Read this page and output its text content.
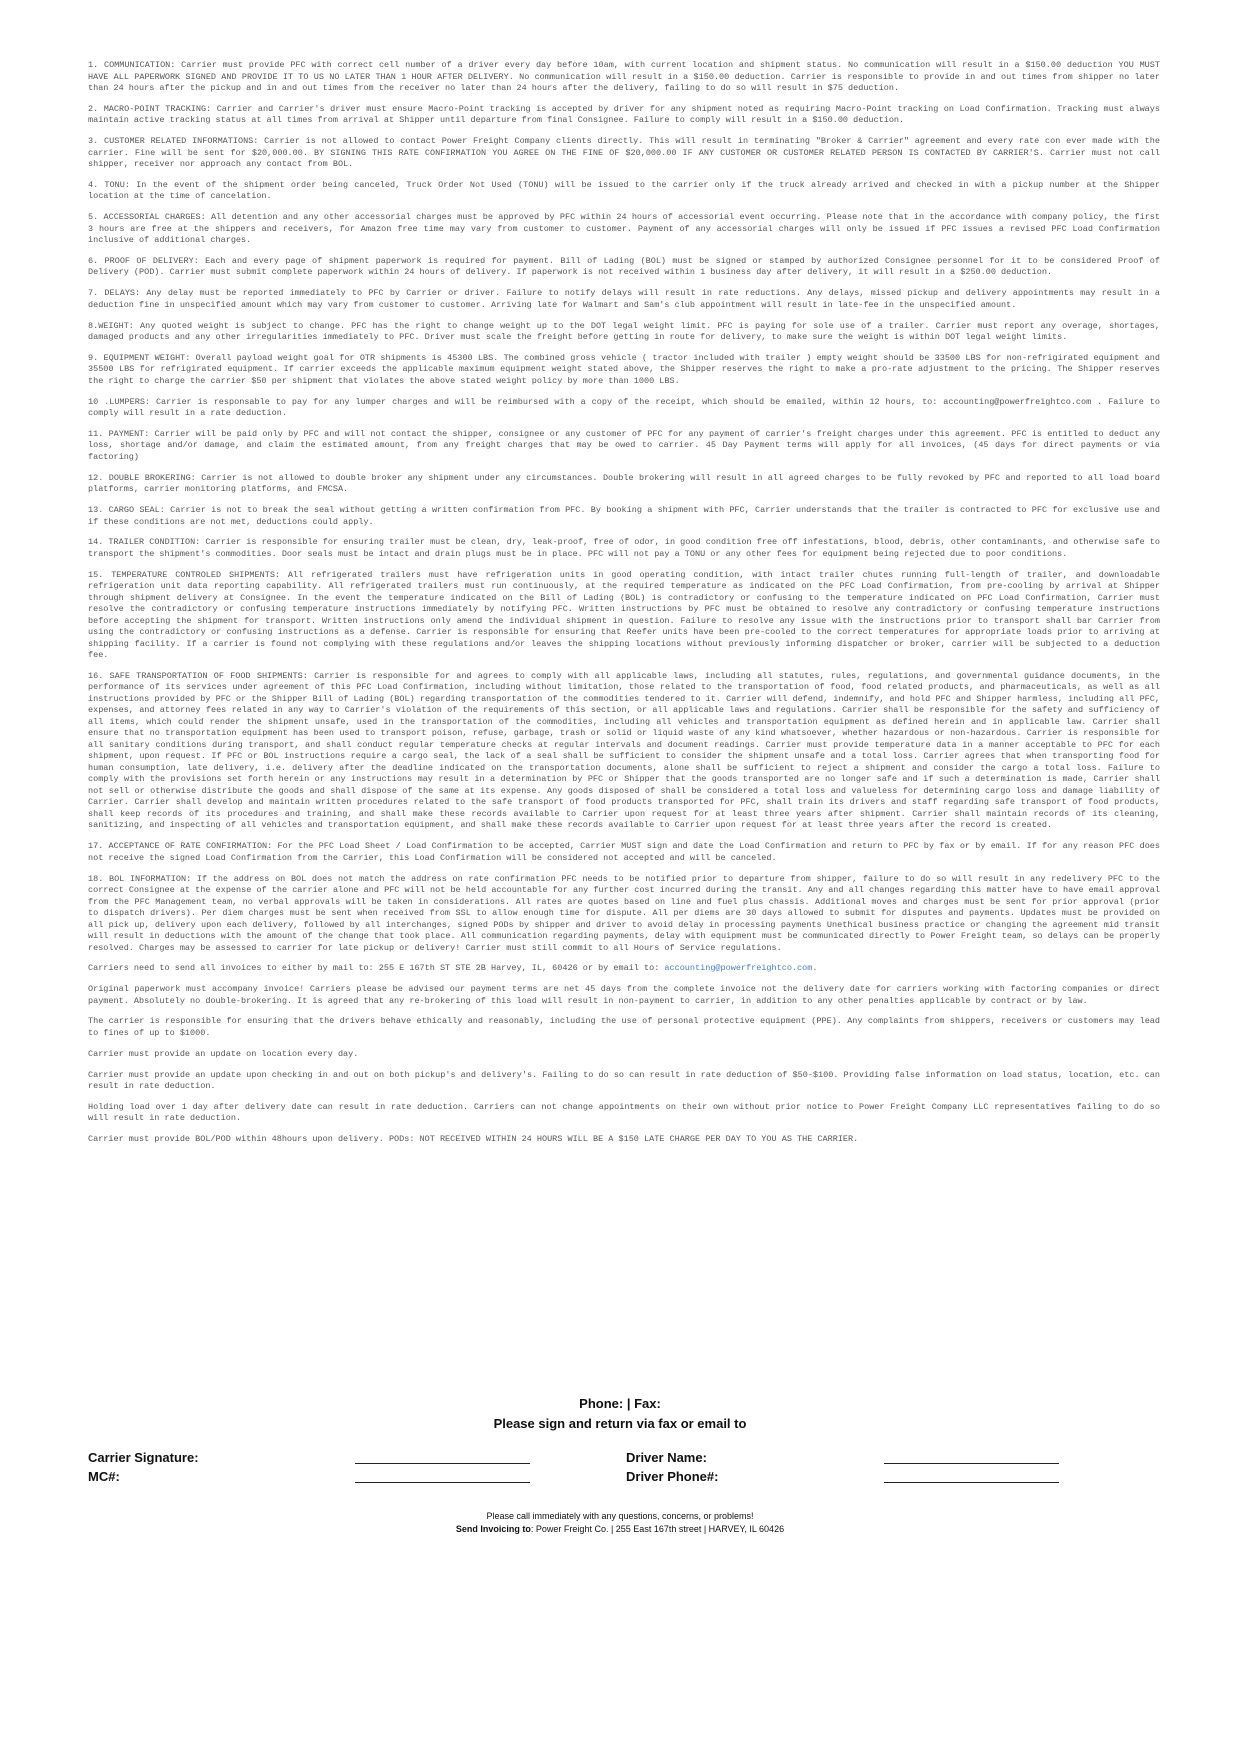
1. COMMUNICATION: Carrier must provide PFC with correct cell number of a driver every day before 10am, with current location and shipment status. No communication will result in a $150.00 deduction YOU MUST HAVE ALL PAPERWORK SIGNED AND PROVIDE IT TO US NO LATER THAN 1 HOUR AFTER DELIVERY. No communication will result in a $150.00 deduction. Carrier is responsible to provide in and out times from shipper no later than 24 hours after the pickup and in and out times from the receiver no later than 24 hours after the delivery, failing to do so will result in $75 deduction.

2. MACRO-POINT TRACKING: Carrier and Carrier's driver must ensure Macro-Point tracking is accepted by driver for any shipment noted as requiring Macro-Point tracking on Load Confirmation. Tracking must always maintain active tracking status at all times from arrival at Shipper until departure from final Consignee. Failure to comply will result in a $150.00 deduction.

3. CUSTOMER RELATED INFORMATIONS: Carrier is not allowed to contact Power Freight Company clients directly. This will result in terminating "Broker & Carrier" agreement and every rate con ever made with the carrier. Fine will be sent for $20,000.00. BY SIGNING THIS RATE CONFIRMATION YOU AGREE ON THE FINE OF $20,000.00 IF ANY CUSTOMER OR CUSTOMER RELATED PERSON IS CONTACTED BY CARRIER'S. Carrier must not call shipper, receiver nor approach any contact from BOL.

4. TONU: In the event of the shipment order being canceled, Truck Order Not Used (TONU) will be issued to the carrier only if the truck already arrived and checked in with a pickup number at the Shipper location at the time of cancelation.

5. ACCESSORIAL CHARGES: All detention and any other accessorial charges must be approved by PFC within 24 hours of accessorial event occurring. Please note that in the accordance with company policy, the first 3 hours are free at the shippers and receivers, for Amazon free time may vary from customer to customer. Payment of any accessorial charges will only be issued if PFC issues a revised PFC Load Confirmation inclusive of additional charges.

6. PROOF OF DELIVERY: Each and every page of shipment paperwork is required for payment. Bill of Lading (BOL) must be signed or stamped by authorized Consignee personnel for it to be considered Proof of Delivery (POD). Carrier must submit complete paperwork within 24 hours of delivery. If paperwork is not received within 1 business day after delivery, it will result in a $250.00 deduction.

7. DELAYS: Any delay must be reported immediately to PFC by Carrier or driver. Failure to notify delays will result in rate reductions. Any delays, missed pickup and delivery appointments may result in a deduction fine in unspecified amount which may vary from customer to customer. Arriving late for Walmart and Sam's club appointment will result in late-fee in the unspecified amount.

8.WEIGHT: Any quoted weight is subject to change. PFC has the right to change weight up to the DOT legal weight limit. PFC is paying for sole use of a trailer. Carrier must report any overage, shortages, damaged products and any other irregularities immediately to PFC. Driver must scale the freight before getting in route for delivery, to make sure the weight is within DOT legal weight limits.

9. EQUIPMENT WEIGHT: Overall payload weight goal for OTR shipments is 45300 LBS. The combined gross vehicle ( tractor included with trailer ) empty weight should be 33500 LBS for non-refrigirated equipment and 35500 LBS for refrigirated equipment. If carrier exceeds the applicable maximum equipment weight stated above, the Shipper reserves the right to make a pro-rate adjustment to the pricing. The Shipper reserves the right to charge the carrier $50 per shipment that violates the above stated weight policy by more than 1000 LBS.

10 .LUMPERS: Carrier is responsable to pay for any lumper charges and will be reimbursed with a copy of the receipt, which should be emailed, within 12 hours, to: accounting@powerfreightco.com . Failure to comply will result in a rate deduction.

11. PAYMENT: Carrier will be paid only by PFC and will not contact the shipper, consignee or any customer of PFC for any payment of carrier's freight charges under this agreement. PFC is entitled to deduct any loss, shortage and/or damage, and claim the estimated amount, from any freight charges that may be owed to carrier. 45 Day Payment terms will apply for all invoices, (45 days for direct payments or via factoring)

12. DOUBLE BROKERING: Carrier is not allowed to double broker any shipment under any circumstances. Double brokering will result in all agreed charges to be fully revoked by PFC and reported to all load board platforms, carrier monitoring platforms, and FMCSA.

13. CARGO SEAL: Carrier is not to break the seal without getting a written confirmation from PFC. By booking a shipment with PFC, Carrier understands that the trailer is contracted to PFC for exclusive use and if these conditions are not met, deductions could apply.

14. TRAILER CONDITION: Carrier is responsible for ensuring trailer must be clean, dry, leak-proof, free of odor, in good condition free off infestations, blood, debris, other contaminants, and otherwise safe to transport the shipment's commodities. Door seals must be intact and drain plugs must be in place. PFC will not pay a TONU or any other fees for equipment being rejected due to poor conditions.

15. TEMPERATURE CONTROLED SHIPMENTS: All refrigerated trailers must have refrigeration units in good operating condition, with intact trailer chutes running full-length of trailer, and downloadable refrigeration unit data reporting capability. All refrigerated trailers must run continuously, at the required temperature as indicated on the PFC Load Confirmation, from pre-cooling by arrival at Shipper through shipment delivery at Consignee. In the event the temperature indicated on the Bill of Lading (BOL) is contradictory or confusing to the temperature indicated on PFC Load Confirmation, Carrier must resolve the contradictory or confusing temperature instructions immediately by notifying PFC. Written instructions by PFC must be obtained to resolve any contradictory or confusing temperature instructions before accepting the shipment for transport. Written instructions only amend the individual shipment in question. Failure to resolve any issue with the instructions prior to transport shall bar Carrier from using the contradictory or confusing instructions as a defense. Carrier is responsible for ensuring that Reefer units have been pre-cooled to the correct temperatures for appropriate loads prior to arriving at shipping facility. If a carrier is found not complying with these regulations and/or leaves the shipping locations without previously informing dispatcher or broker, carrier will be subjected to a deduction fee.

16. SAFE TRANSPORTATION OF FOOD SHIPMENTS: Carrier is responsible for and agrees to comply with all applicable laws, including all statutes, rules, regulations, and governmental guidance documents, in the performance of its services under agreement of this PFC Load Confirmation, including without limitation, those related to the transportation of food, food related products, and pharmaceuticals, as well as all instructions provided by PFC or the Shipper Bill of Lading (BOL) regarding transportation of the commodities tendered to it. Carrier will defend, indemnify, and hold PFC and Shipper harmless, including all PFC, expenses, and attorney fees related in any way to Carrier's violation of the requirements of this section, or all applicable laws and regulations. Carrier shall be responsible for the safety and sufficiency of all items, which could render the shipment unsafe, used in the transportation of the commodities, including all vehicles and transportation equipment as defined herein and in applicable law. Carrier shall ensure that no transportation equipment has been used to transport poison, refuse, garbage, trash or solid or liquid waste of any kind whatsoever, whether hazardous or non-hazardous. Carrier is responsible for all sanitary conditions during transport, and shall conduct regular temperature checks at regular intervals and document readings. Carrier must provide temperature data in a manner acceptable to PFC for each shipment, upon request. If PFC or BOL instructions require a cargo seal, the lack of a seal shall be sufficient to consider the shipment unsafe and a total loss. Carrier agrees that when transporting food for human consumption, late delivery, i.e. delivery after the deadline indicated on the transportation documents, alone shall be sufficient to reject a shipment and consider the cargo a total loss. Failure to comply with the provisions set forth herein or any instructions may result in a determination by PFC or Shipper that the goods transported are no longer safe and if such a determination is made, Carrier shall not sell or otherwise distribute the goods and shall dispose of the same at its expense. Any goods disposed of shall be considered a total loss and valueless for determining cargo loss and damage liability of Carrier. Carrier shall develop and maintain written procedures related to the safe transport of food products transported for PFC, shall train its drivers and staff regarding safe transport of food products, shall keep records of its procedures and training, and shall make these records available to Carrier upon request for at least three years after shipment. Carrier shall maintain records of its cleaning, sanitizing, and inspecting of all vehicles and transportation equipment, and shall make these records available to Carrier upon request for at least three years after the record is created.

17. ACCEPTANCE OF RATE CONFIRMATION: For the PFC Load Sheet / Load Confirmation to be accepted, Carrier MUST sign and date the Load Confirmation and return to PFC by fax or by email. If for any reason PFC does not receive the signed Load Confirmation from the Carrier, this Load Confirmation will be considered not accepted and will be canceled.

18. BOL INFORMATION: If the address on BOL does not match the address on rate confirmation PFC needs to be notified prior to departure from shipper, failure to do so will result in any redelivery PFC to the correct Consignee at the expense of the carrier alone and PFC will not be held accountable for any further cost incurred during the transit. Any and all changes regarding this matter have to have email approval from the PFC Management team, no verbal approvals will be taken in considerations. All rates are quotes based on line and fuel plus chassis. Additional moves and charges must be sent for prior approval (prior to dispatch drivers). Per diem charges must be sent when received from SSL to allow enough time for dispute. All per diems are 30 days allowed to submit for disputes and payments. Updates must be provided on all pick up, delivery upon each delivery, followed by all interchanges, signed PODs by shipper and driver to avoid delay in processing payments Unethical business practice or changing the agreement mid transit will result in deductions with the amount of the change that took place. All communication regarding payments, delay with equipment must be communicated directly to Power Freight team, so delays can be properly resolved. Charges may be assessed to carrier for late pickup or delivery! Carrier must still commit to all Hours of Service regulations.

Carriers need to send all invoices to either by mail to: 255 E 167th ST STE 2B Harvey, IL, 60426 or by email to: accounting@powerfreightco.com.

Original paperwork must accompany invoice! Carriers please be advised our payment terms are net 45 days from the complete invoice not the delivery date for carriers working with factoring companies or direct payment. Absolutely no double-brokering. It is agreed that any re-brokering of this load will result in non-payment to carrier, in addition to any other penalties applicable by contract or by law.

The carrier is responsible for ensuring that the drivers behave ethically and reasonably, including the use of personal protective equipment (PPE). Any complaints from shippers, receivers or customers may lead to fines of up to $1000.

Carrier must provide an update on location every day.

Carrier must provide an update upon checking in and out on both pickup's and delivery's. Failing to do so can result in rate deduction of $50-$100. Providing false information on load status, location, etc. can result in rate deduction.

Holding load over 1 day after delivery date can result in rate deduction. Carriers can not change appointments on their own without prior notice to Power Freight Company LLC representatives failing to do so will result in rate deduction.

Carrier must provide BOL/POD within 48hours upon delivery. PODs: NOT RECEIVED WITHIN 24 HOURS WILL BE A $150 LATE CHARGE PER DAY TO YOU AS THE CARRIER.

Phone: | Fax:
Please sign and return via fax or email to
Carrier Signature:
MC#:
Driver Name:
Driver Phone#:
Please call immediately with any questions, concerns, or problems!
Send Invoicing to: Power Freight Co. | 255 East 167th street | HARVEY, IL 60426
